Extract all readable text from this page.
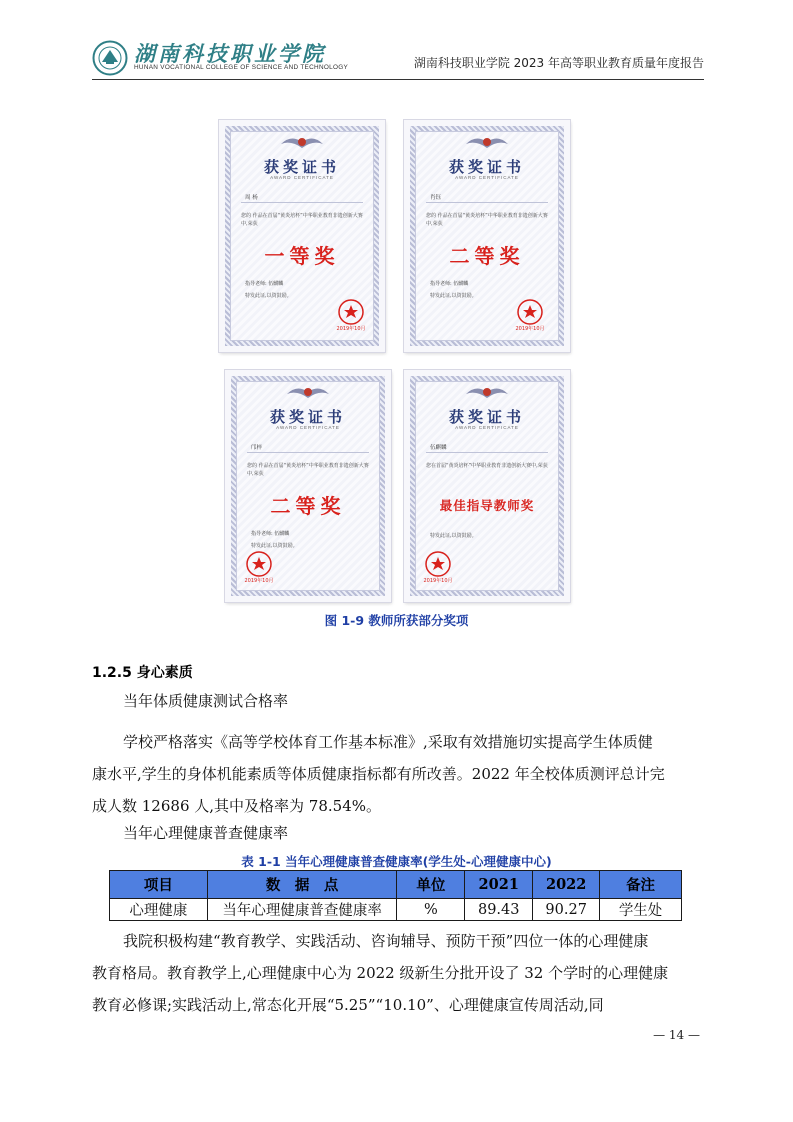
湖南科技职业学院
HUNAN VOCATIONAL COLLEGE OF SCIENCE AND TECHNOLOGY	湖南科技职业学院 2023 年高等职业教育质量年度报告
获奖证书
AWARD CERTIFICATE
周 杨
您的 作品在首届“黄炎培杯”中华职业教育非遗创新大赛中,荣获
一等奖
指导老师: 伍麒麟
特发此证,以资鼓励。
2019年10月
获奖证书
AWARD CERTIFICATE
肖钰
您的 作品在首届“黄炎培杯”中华职业教育非遗创新大赛中,荣获
二等奖
指导老师: 伍麒麟
特发此证,以资鼓励。
2019年10月
获奖证书
AWARD CERTIFICATE
邝梓
您的 作品在首届“黄炎培杯”中华职业教育非遗创新大赛中,荣获
二等奖
指导老师: 伍麒麟
特发此证,以资鼓励。
2019年10月
获奖证书
AWARD CERTIFICATE
伍麒麟
您在首届“黄炎培杯”中华职业教育非遗创新大赛中,荣获
最佳指导教师奖
特发此证,以资鼓励。
2019年10月
图 1-9 教师所获部分奖项
1.2.5 身心素质
当年体质健康测试合格率
学校严格落实《高等学校体育工作基本标准》,采取有效措施切实提高学生体质健
康水平,学生的身体机能素质等体质健康指标都有所改善。2022 年全校体质测评总计完
成人数 12686 人,其中及格率为 78.54%。
当年心理健康普查健康率
表 1-1 当年心理健康普查健康率(学生处-心理健康中心)
项目	数　据　点	单位	2021	2022	备注
心理健康	当年心理健康普查健康率	%	89.43	90.27	学生处
我院积极构建“教育教学、实践活动、咨询辅导、预防干预”四位一体的心理健康
教育格局。教育教学上,心理健康中心为 2022 级新生分批开设了 32 个学时的心理健康
教育必修课;实践活动上,常态化开展“5.25”“10.10”、心理健康宣传周活动,同
— 14 —
